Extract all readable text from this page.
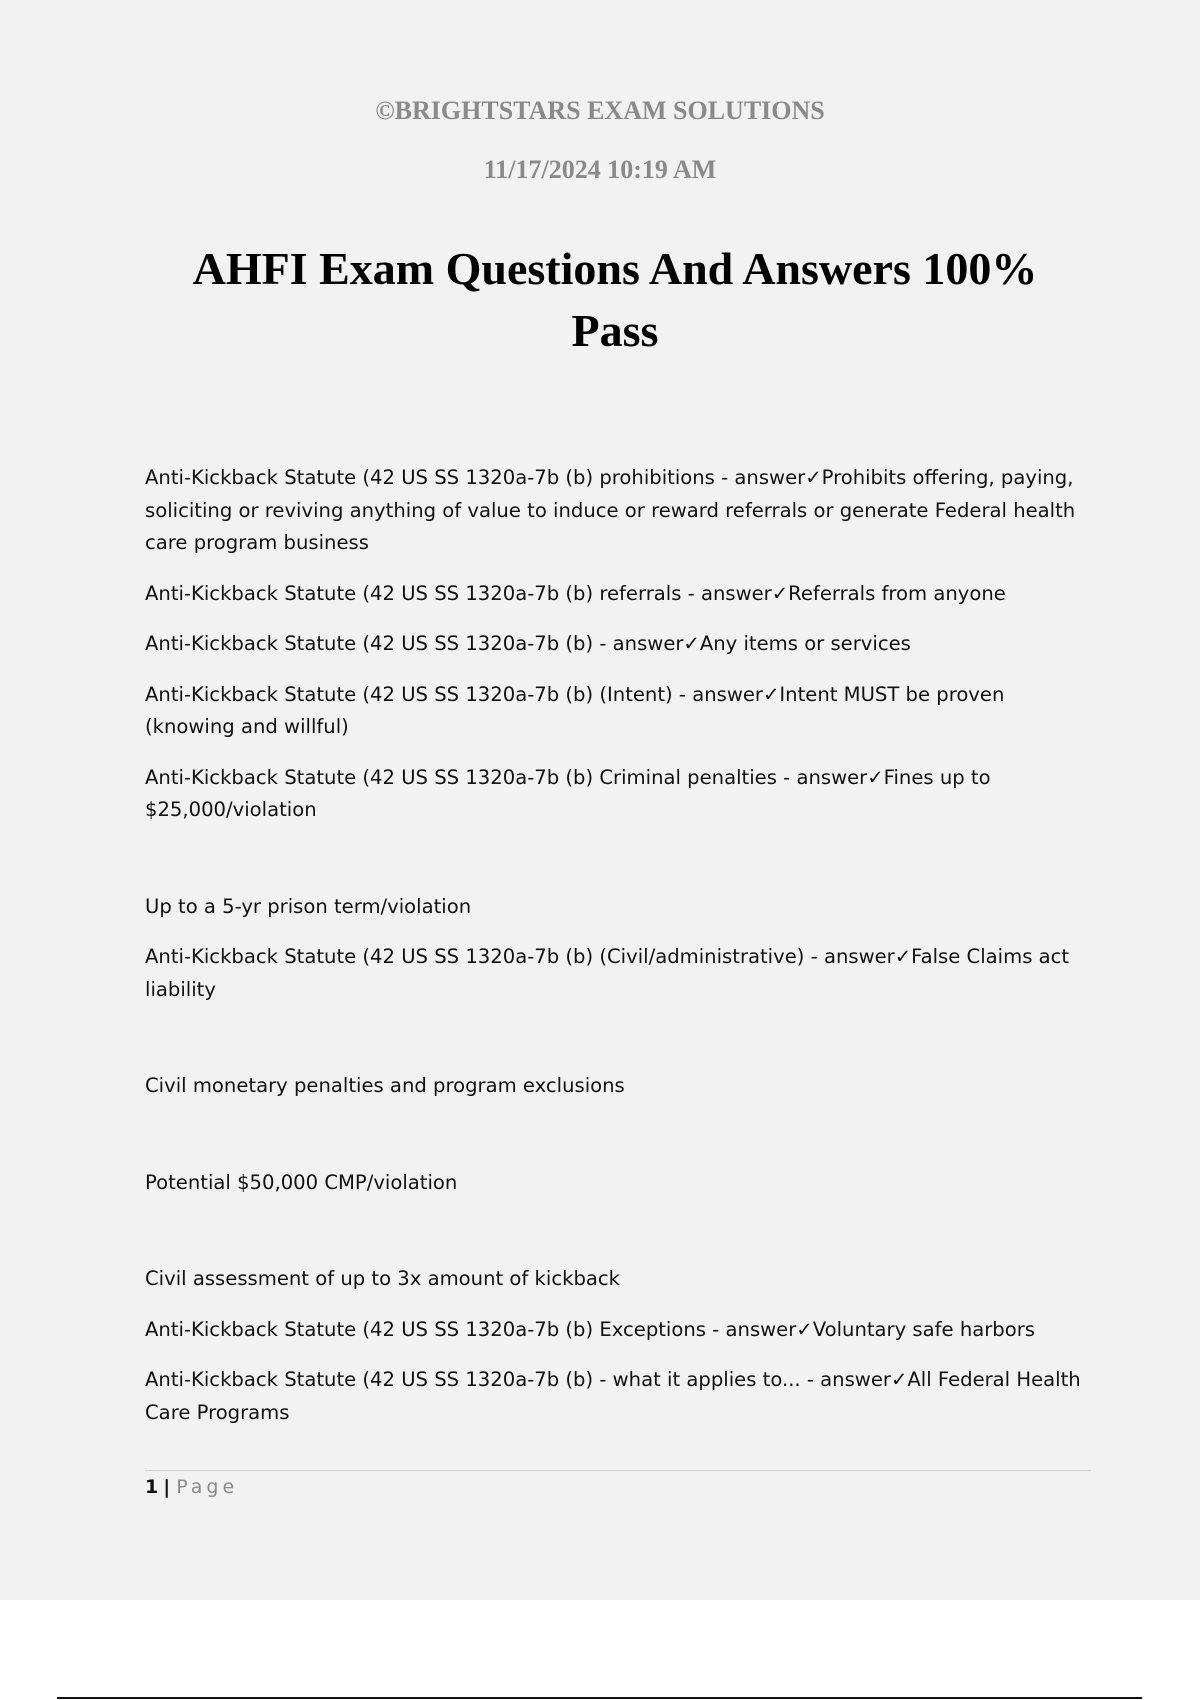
©BRIGHTSTARS EXAM SOLUTIONS

11/17/2024 10:19 AM

AHFI Exam Questions And Answers 100% Pass

Anti-Kickback Statute (42 US SS 1320a-7b (b) prohibitions - answer✓Prohibits offering, paying, soliciting or reviving anything of value to induce or reward referrals or generate Federal health care program business

Anti-Kickback Statute (42 US SS 1320a-7b (b) referrals - answer✓Referrals from anyone

Anti-Kickback Statute (42 US SS 1320a-7b (b) - answer✓Any items or services

Anti-Kickback Statute (42 US SS 1320a-7b (b) (Intent) - answer✓Intent MUST be proven (knowing and willful)

Anti-Kickback Statute (42 US SS 1320a-7b (b) Criminal penalties - answer✓Fines up to $25,000/violation

Up to a 5-yr prison term/violation

Anti-Kickback Statute (42 US SS 1320a-7b (b) (Civil/administrative) - answer✓False Claims act liability

Civil monetary penalties and program exclusions

Potential $50,000 CMP/violation

Civil assessment of up to 3x amount of kickback

Anti-Kickback Statute (42 US SS 1320a-7b (b) Exceptions - answer✓Voluntary safe harbors

Anti-Kickback Statute (42 US SS 1320a-7b (b) - what it applies to... - answer✓All Federal Health Care Programs

1 | Page
